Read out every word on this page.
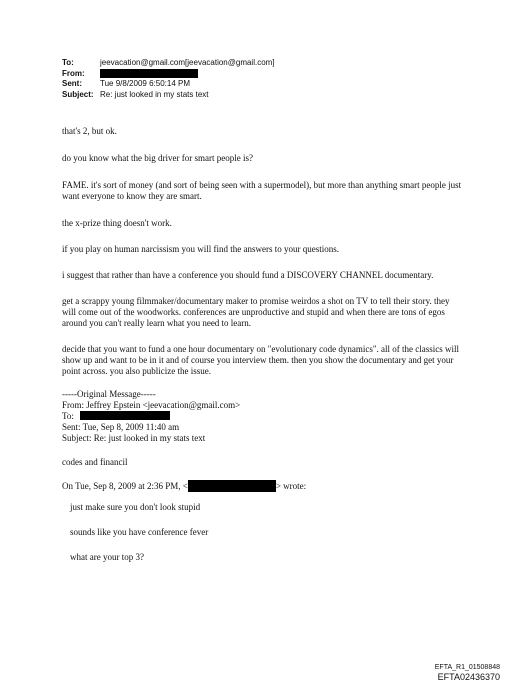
To:	jeevacation@gmail.com[jeevacation@gmail.com]
From:
Sent:	Tue 9/8/2009 6:50:14 PM
Subject: Re: just looked in my stats text

that's 2, but ok.

do you know what the big driver for smart people is?

FAME. it's sort of money (and sort of being seen with a supermodel), but more than anything smart people just want everyone to know they are smart.

the x-prize thing doesn't work.

if you play on human narcissism you will find the answers to your questions.

i suggest that rather than have a conference you should fund a DISCOVERY CHANNEL documentary.

get a scrappy young filmmaker/documentary maker to promise weirdos a shot on TV to tell their story. they will come out of the woodworks. conferences are unproductive and stupid and when there are tons of egos around you can't really learn what you need to learn.

decide that you want to fund a one hour documentary on "evolutionary code dynamics". all of the classics will show up and want to be in it and of course you interview them. then you show the documentary and get your point across. you also publicize the issue.

-----Original Message-----
From: Jeffrey Epstein <jeevacation@gmail.com>
To:
Sent: Tue, Sep 8, 2009 11:40 am
Subject: Re: just looked in my stats text
codes and financil
On Tue, Sep 8, 2009 at 2:36 PM, <	> wrote:

just make sure you don't look stupid

sounds like you have conference fever

what are your top 3?

EFTA_R1_01508848
EFTA02436370
